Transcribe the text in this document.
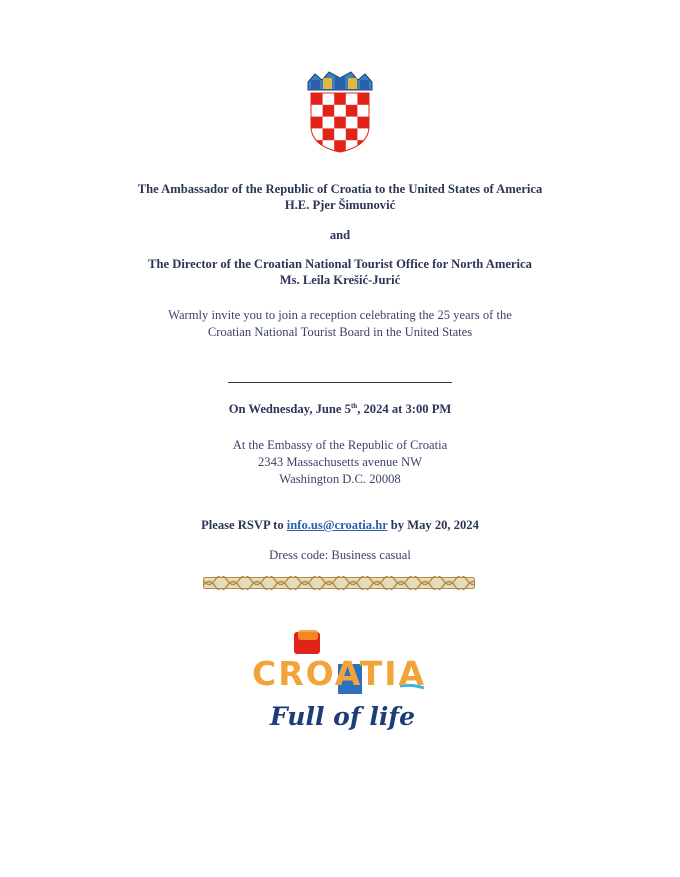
The Ambassador of the Republic of Croatia to the United States of America
H.E. Pjer Šimunović
and
The Director of the Croatian National Tourist Office for North America
Ms. Leila Krešić-Jurić
Warmly invite you to join a reception celebrating the 25 years of the
Croatian National Tourist Board in the United States
On Wednesday, June 5th, 2024 at 3:00 PM
At the Embassy of the Republic of Croatia
2343 Massachusetts avenue NW
Washington D.C. 20008
Please RSVP to info.us@croatia.hr by May 20, 2024
Dress code: Business casual
CROATIA
Full of life
